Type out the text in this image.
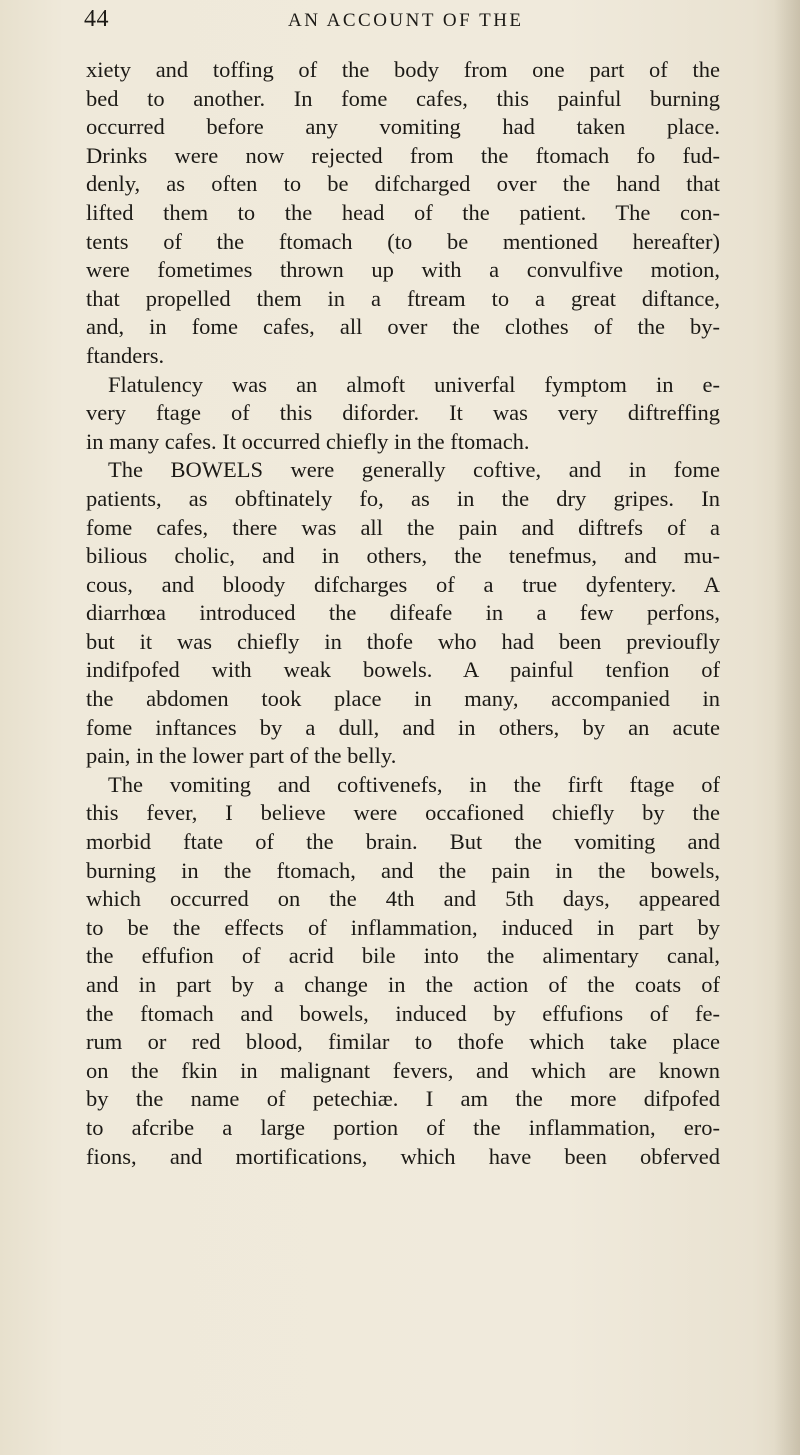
44	AN ACCOUNT OF THE
xiety and toffing of the body from one part of the
bed to another. In fome cafes, this painful burning
occurred before any vomiting had taken place.
Drinks were now rejected from the ftomach fo fud-
denly, as often to be difcharged over the hand that
lifted them to the head of the patient. The con-
tents of the ftomach (to be mentioned hereafter)
were fometimes thrown up with a convulfive motion,
that propelled them in a ftream to a great diftance,
and, in fome cafes, all over the clothes of the by-
ftanders.
Flatulency was an almoft univerfal fymptom in e-
very ftage of this diforder. It was very diftreffing
in many cafes. It occurred chiefly in the ftomach.
The BOWELS were generally coftive, and in fome
patients, as obftinately fo, as in the dry gripes. In
fome cafes, there was all the pain and diftrefs of a
bilious cholic, and in others, the tenefmus, and mu-
cous, and bloody difcharges of a true dyfentery. A
diarrhœa introduced the difeafe in a few perfons,
but it was chiefly in thofe who had been previoufly
indifpofed with weak bowels. A painful tenfion of
the abdomen took place in many, accompanied in
fome inftances by a dull, and in others, by an acute
pain, in the lower part of the belly.
The vomiting and coftivenefs, in the firft ftage of
this fever, I believe were occafioned chiefly by the
morbid ftate of the brain. But the vomiting and
burning in the ftomach, and the pain in the bowels,
which occurred on the 4th and 5th days, appeared
to be the effects of inflammation, induced in part by
the effufion of acrid bile into the alimentary canal,
and in part by a change in the action of the coats of
the ftomach and bowels, induced by effufions of fe-
rum or red blood, fimilar to thofe which take place
on the fkin in malignant fevers, and which are known
by the name of petechiæ. I am the more difpofed
to afcribe a large portion of the inflammation, ero-
fions, and mortifications, which have been obferved
